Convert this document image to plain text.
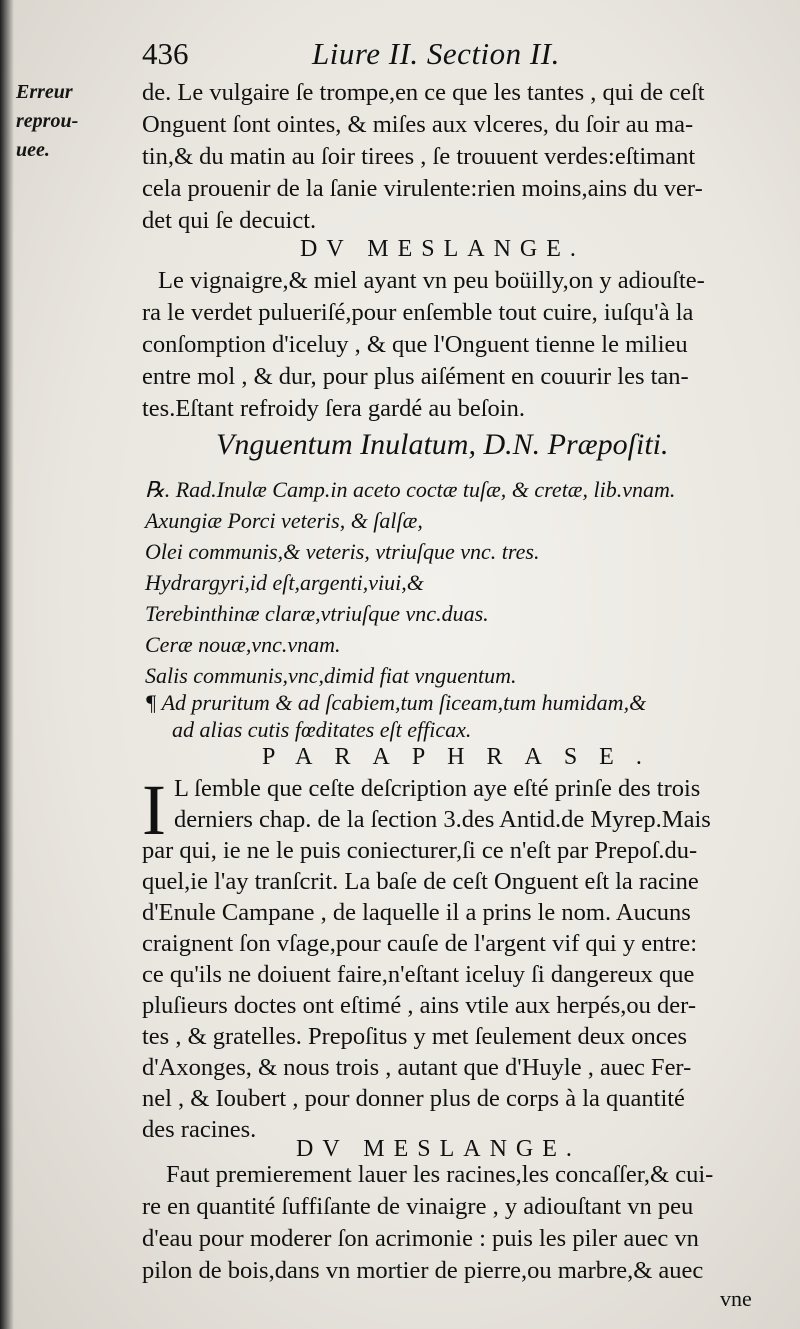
436	Liure II. Section II.
Erreur
reprou-
uee.
de. Le vulgaire ſe trompe,en ce que les tantes , qui de ceſt
Onguent ſont ointes, & miſes aux vlceres, du ſoir au ma-
tin,& du matin au ſoir tirees , ſe trouuent verdes:eſtimant
cela prouenir de la ſanie virulente:rien moins,ains du ver-
det qui ſe decuict.
DV MESLANGE.
Le vignaigre,& miel ayant vn peu boüilly,on y adiouſte-
ra le verdet pulueriſé,pour enſemble tout cuire, iuſqu'à la
conſomption d'iceluy , & que l'Onguent tienne le milieu
entre mol , & dur, pour plus aiſément en couurir les tan-
tes.Eſtant refroidy ſera gardé au beſoin.
Vnguentum Inulatum, D.N. Præpoſiti.
℞. Rad.Inulæ Camp.in aceto coctæ tuſæ, & cretæ, lib.vnam.
Axungiæ Porci veteris, & ſalſæ,
Olei communis,& veteris, vtriuſque vnc. tres.
Hydrargyri,id eſt,argenti,viui,&
Terebinthinæ claræ,vtriuſque vnc.duas.
Ceræ nouæ,vnc.vnam.
Salis communis,vnc,dimid fiat vnguentum.
¶ Ad pruritum & ad ſcabiem,tum ſiceam,tum humidam,&
ad alias cutis fœditates eſt efficax.
PARAPHRASE.
I L ſemble que ceſte deſcription aye eſté prinſe des trois
derniers chap. de la ſection 3.des Antid.de Myrep.Mais
par qui, ie ne le puis coniecturer,ſi ce n'eſt par Prepoſ.du-
quel,ie l'ay tranſcrit. La baſe de ceſt Onguent eſt la racine
d'Enule Campane , de laquelle il a prins le nom. Aucuns
craignent ſon vſage,pour cauſe de l'argent vif qui y entre:
ce qu'ils ne doiuent faire,n'eſtant iceluy ſi dangereux que
pluſieurs doctes ont eſtimé , ains vtile aux herpés,ou der-
tes , & gratelles. Prepoſitus y met ſeulement deux onces
d'Axonges, & nous trois , autant que d'Huyle , auec Fer-
nel , & Ioubert , pour donner plus de corps à la quantité
des racines.
DV MESLANGE.
Faut premierement lauer les racines,les concaſſer,& cui-
re en quantité ſuffiſante de vinaigre , y adiouſtant vn peu
d'eau pour moderer ſon acrimonie : puis les piler auec vn
pilon de bois,dans vn mortier de pierre,ou marbre,& auec
vne
